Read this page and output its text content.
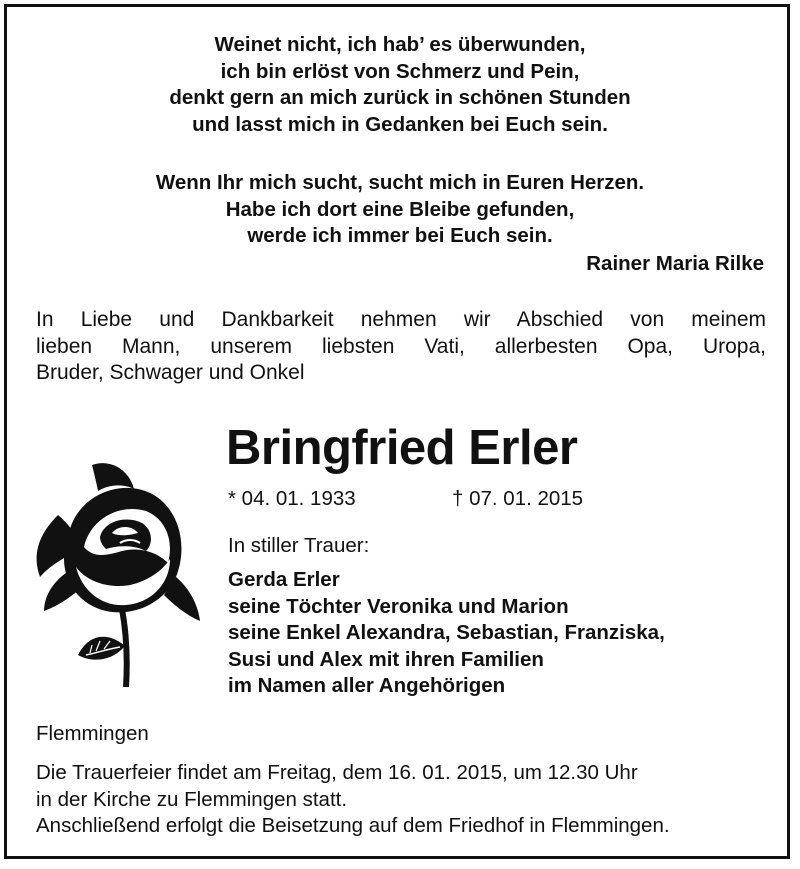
Weinet nicht, ich hab’ es überwunden,
ich bin erlöst von Schmerz und Pein,
denkt gern an mich zurück in schönen Stunden
und lasst mich in Gedanken bei Euch sein.
Wenn Ihr mich sucht, sucht mich in Euren Herzen.
Habe ich dort eine Bleibe gefunden,
werde ich immer bei Euch sein.
Rainer Maria Rilke
In Liebe und Dankbarkeit nehmen wir Abschied von meinem
lieben Mann, unserem liebsten Vati, allerbesten Opa, Uropa,
Bruder, Schwager und Onkel
Bringfried Erler
* 04. 01. 1933	† 07. 01. 2015
In stiller Trauer:
Gerda Erler
seine Töchter Veronika und Marion
seine Enkel Alexandra, Sebastian, Franziska,
Susi und Alex mit ihren Familien
im Namen aller Angehörigen
Flemmingen
Die Trauerfeier findet am Freitag, dem 16. 01. 2015, um 12.30 Uhr
in der Kirche zu Flemmingen statt.
Anschließend erfolgt die Beisetzung auf dem Friedhof in Flemmingen.
